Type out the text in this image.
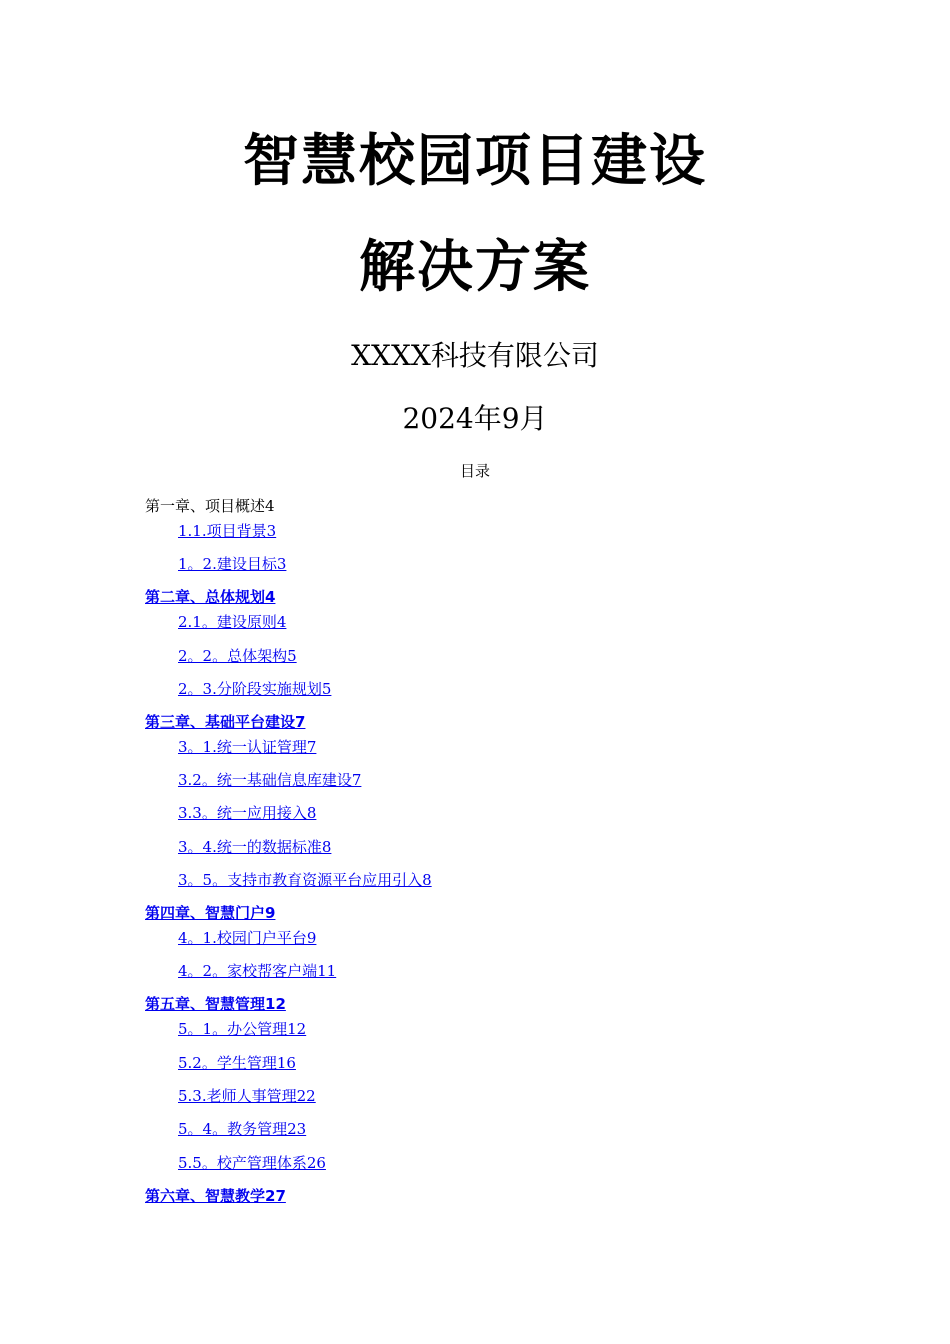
智慧校园项目建设
解决方案
XXXX科技有限公司
2024年9月
目录
第一章、项目概述4
1.1.项目背景3
1。2.建设目标3
第二章、总体规划4
2.1。建设原则4
2。2。总体架构5
2。3.分阶段实施规划5
第三章、基础平台建设7
3。1.统一认证管理7
3.2。统一基础信息库建设7
3.3。统一应用接入8
3。4.统一的数据标准8
3。5。支持市教育资源平台应用引入8
第四章、智慧门户9
4。1.校园门户平台9
4。2。家校帮客户端11
第五章、智慧管理12
5。1。办公管理12
5.2。学生管理16
5.3.老师人事管理22
5。4。教务管理23
5.5。校产管理体系26
第六章、智慧教学27
